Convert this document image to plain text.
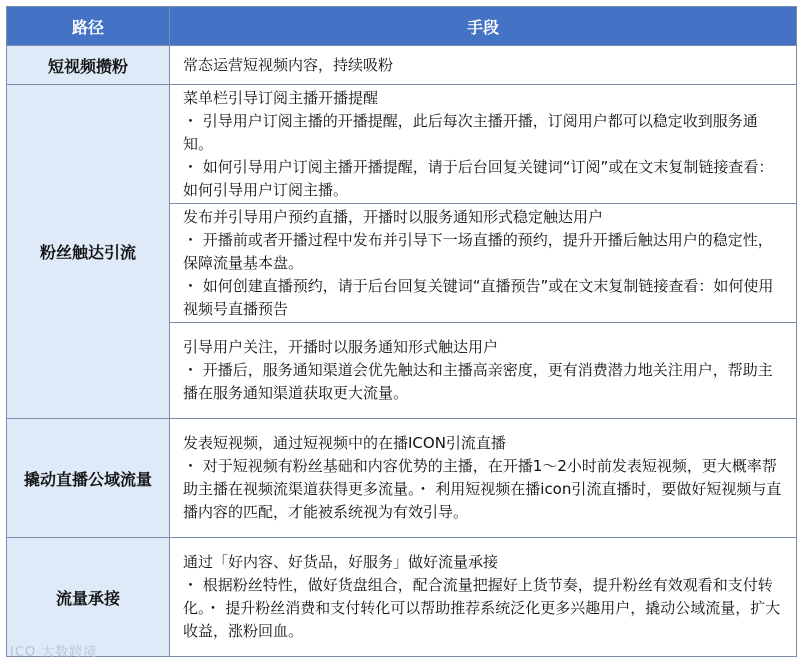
路径	手段
短视频攒粉	常态运营短视频内容，持续吸粉

粉丝触达引流	菜单栏引导订阅主播开播提醒
・ 引导用户订阅主播的开播提醒，此后每次主播开播，订阅用户都可以稳定收到服务通知。
・ 如何引导用户订阅主播开播提醒，请于后台回复关键词“订阅”或在文末复制链接查看：如何引导用户订阅主播。

	发布并引导用户预约直播，开播时以服务通知形式稳定触达用户
・ 开播前或者开播过程中发布并引导下一场直播的预约，提升开播后触达用户的稳定性，保障流量基本盘。
・ 如何创建直播预约，请于后台回复关键词“直播预告”或在文末复制链接查看：如何使用视频号直播预告

	引导用户关注，开播时以服务通知形式触达用户
・ 开播后，服务通知渠道会优先触达和主播高亲密度，更有消费潜力地关注用户，帮助主播在服务通知渠道获取更大流量。

撬动直播公域流量	发表短视频，通过短视频中的在播ICON引流直播
・ 对于短视频有粉丝基础和内容优势的主播，在开播1～2小时前发表短视频，更大概率帮助主播在视频流渠道获得更多流量。・ 利用短视频在播icon引流直播时，要做好短视频与直播内容的匹配，才能被系统视为有效引导。

流量承接	通过「好内容、好货品，好服务」做好流量承接
・ 根据粉丝特性，做好货盘组合，配合流量把握好上货节奏，提升粉丝有效观看和支付转化。・ 提升粉丝消费和支付转化可以帮助推荐系统泛化更多兴趣用户，撬动公域流量，扩大收益，涨粉回血。
ICO 大数跨境
